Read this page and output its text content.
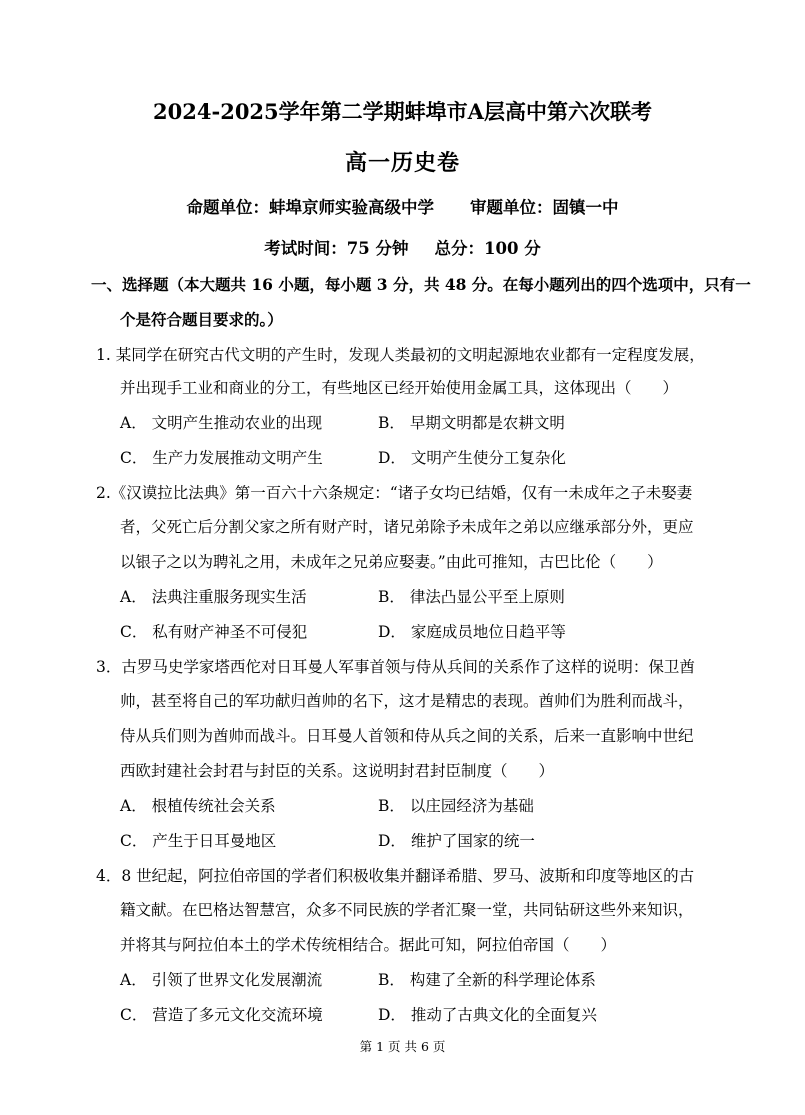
2024-2025学年第二学期蚌埠市A层高中第六次联考
高一历史卷
命题单位：蚌埠京师实验高级中学 审题单位：固镇一中
考试时间：75 分钟 总分：100 分
一、选择题（本大题共 16 小题，每小题 3 分，共 48 分。在每小题列出的四个选项中，只有一
个是符合题目要求的。）
1. 某同学在研究古代文明的产生时，发现人类最初的文明起源地农业都有一定程度发展，
并出现手工业和商业的分工，有些地区已经开始使用金属工具，这体现出（　　）
A． 文明产生推动农业的出现	B． 早期文明都是农耕文明
C． 生产力发展推动文明产生	D． 文明产生使分工复杂化
2.《汉谟拉比法典》第一百六十六条规定：“诸子女均已结婚，仅有一未成年之子未娶妻
者，父死亡后分割父家之所有财产时，诸兄弟除予未成年之弟以应继承部分外，更应
以银子之以为聘礼之用，未成年之兄弟应娶妻。”由此可推知，古巴比伦（　　）
A． 法典注重服务现实生活	B． 律法凸显公平至上原则
C． 私有财产神圣不可侵犯	D． 家庭成员地位日趋平等
3．古罗马史学家塔西佗对日耳曼人军事首领与侍从兵间的关系作了这样的说明：保卫酋
帅，甚至将自己的军功献归酋帅的名下，这才是精忠的表现。酋帅们为胜利而战斗，
侍从兵们则为酋帅而战斗。日耳曼人首领和侍从兵之间的关系，后来一直影响中世纪
西欧封建社会封君与封臣的关系。这说明封君封臣制度（　　）
A． 根植传统社会关系	B． 以庄园经济为基础
C． 产生于日耳曼地区	D． 维护了国家的统一
4．8 世纪起，阿拉伯帝国的学者们积极收集并翻译希腊、罗马、波斯和印度等地区的古
籍文献。在巴格达智慧宫，众多不同民族的学者汇聚一堂，共同钻研这些外来知识，
并将其与阿拉伯本土的学术传统相结合。据此可知，阿拉伯帝国（　　）
A． 引领了世界文化发展潮流	B． 构建了全新的科学理论体系
C． 营造了多元文化交流环境	D． 推动了古典文化的全面复兴
第 1 页 共 6 页
